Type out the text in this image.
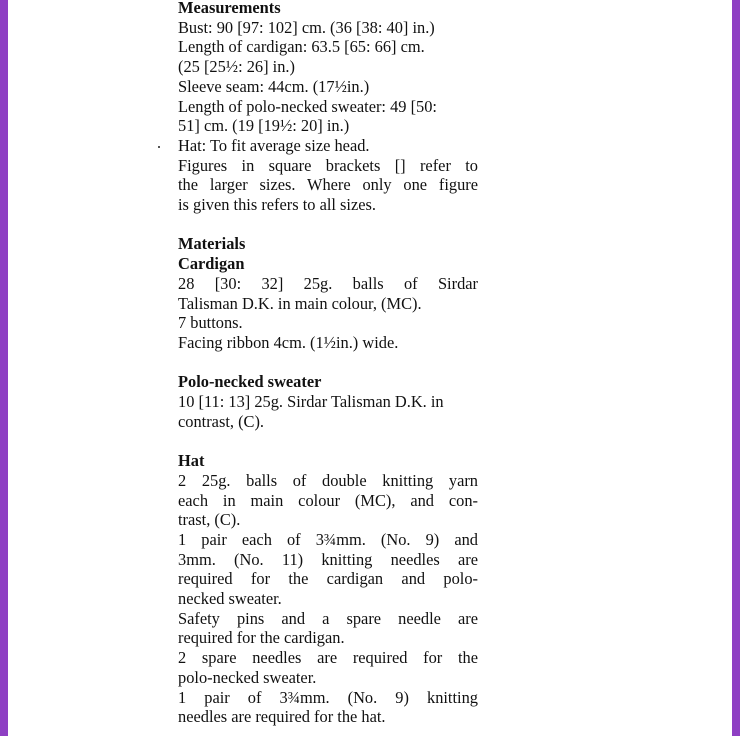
Measurements

Bust: 90 [97: 102] cm. (36 [38: 40] in.)

Length of cardigan: 63.5 [65: 66] cm.

(25 [25½: 26] in.)

Sleeve seam: 44cm. (17½in.)

Length of polo-necked sweater: 49 [50:

51] cm. (19 [19½: 20] in.)

Hat: To fit average size head.

Figures in square brackets [] refer to

the larger sizes. Where only one figure

is given this refers to all sizes.

Materials

Cardigan

28 [30: 32] 25g. balls of Sirdar

Talisman D.K. in main colour, (MC).

7 buttons.

Facing ribbon 4cm. (1½in.) wide.

Polo-necked sweater

10 [11: 13] 25g. Sirdar Talisman D.K. in

contrast, (C).

Hat

2 25g. balls of double knitting yarn

each in main colour (MC), and con-

trast, (C).

1 pair each of 3¾mm. (No. 9) and

3mm. (No. 11) knitting needles are

required for the cardigan and polo-

necked sweater.

Safety pins and a spare needle are

required for the cardigan.

2 spare needles are required for the

polo-necked sweater.

1 pair of 3¾mm. (No. 9) knitting

needles are required for the hat.
